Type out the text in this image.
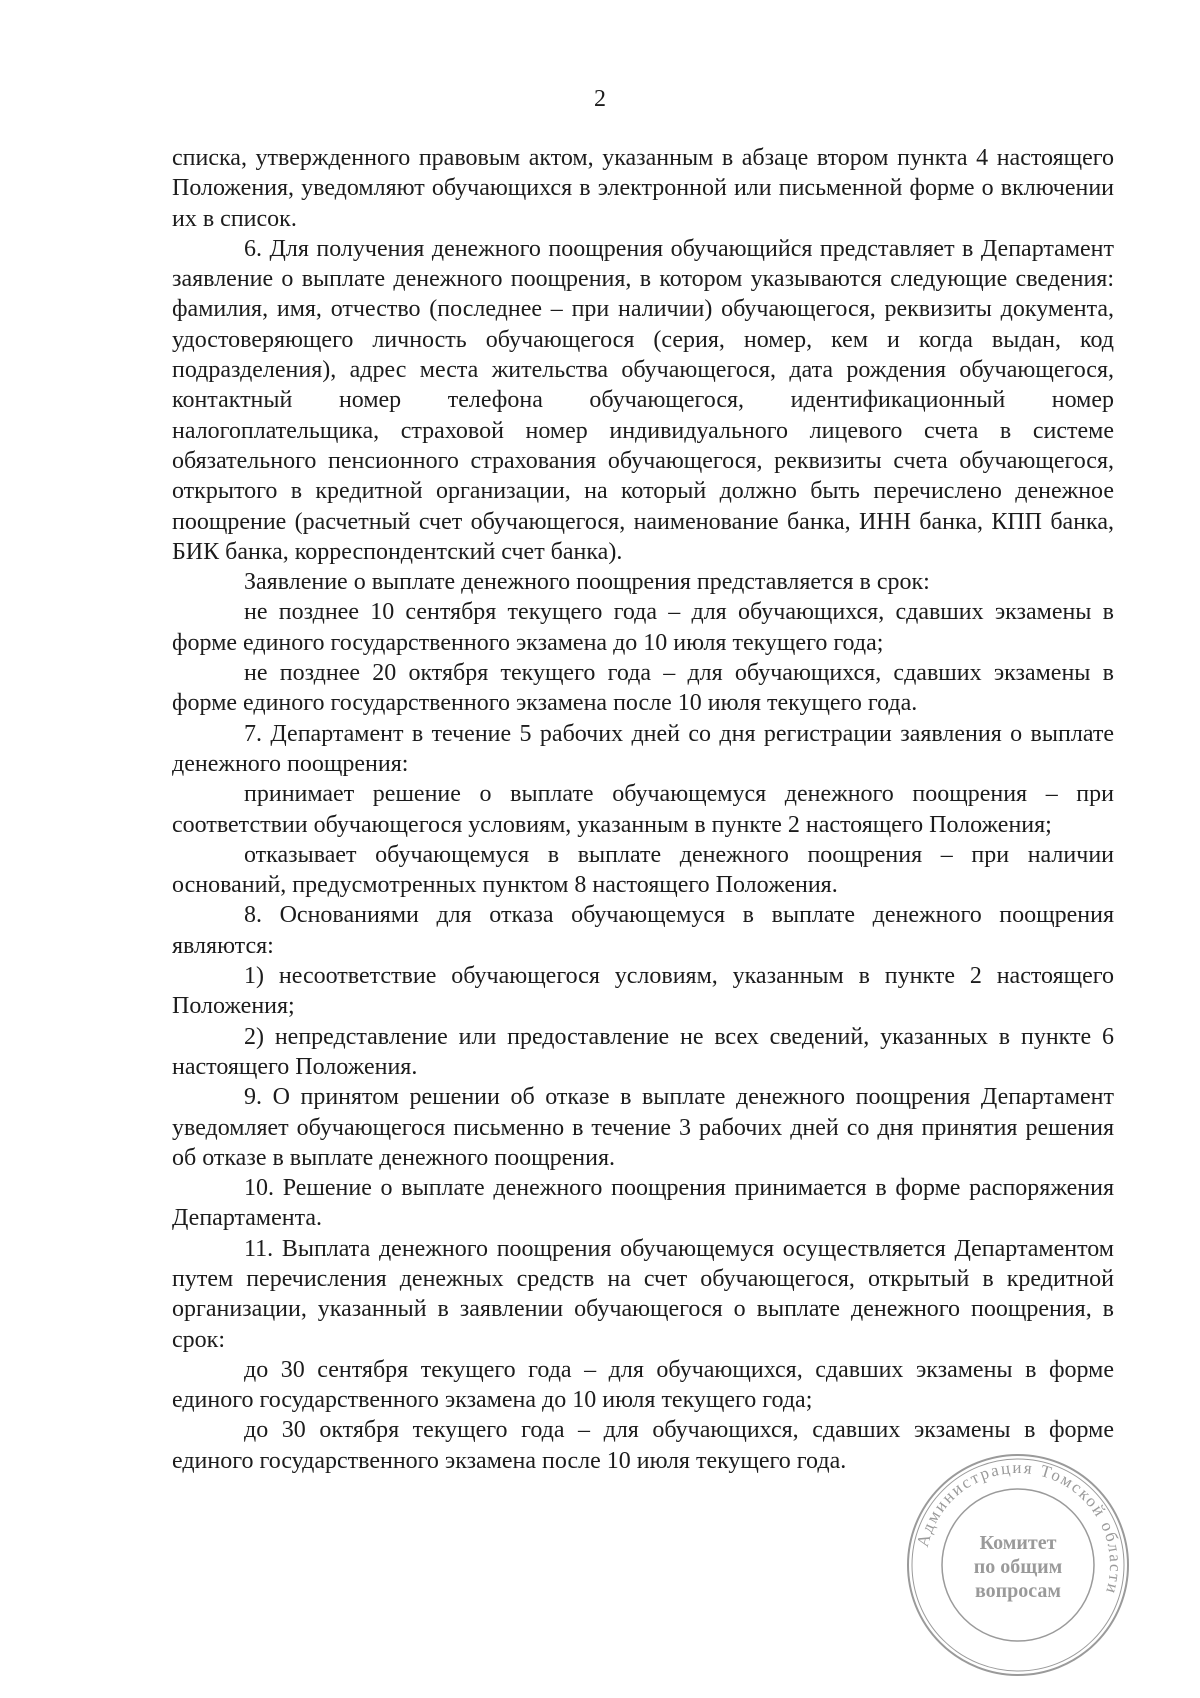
2

списка, утвержденного правовым актом, указанным в абзаце втором пункта 4 настоящего Положения, уведомляют обучающихся в электронной или письменной форме о включении их в список.

6. Для получения денежного поощрения обучающийся представляет в Департамент заявление о выплате денежного поощрения, в котором указываются следующие сведения: фамилия, имя, отчество (последнее – при наличии) обучающегося, реквизиты документа, удостоверяющего личность обучающегося (серия, номер, кем и когда выдан, код подразделения), адрес места жительства обучающегося, дата рождения обучающегося, контактный номер телефона обучающегося, идентификационный номер налогоплательщика, страховой номер индивидуального лицевого счета в системе обязательного пенсионного страхования обучающегося, реквизиты счета обучающегося, открытого в кредитной организации, на который должно быть перечислено денежное поощрение (расчетный счет обучающегося, наименование банка, ИНН банка, КПП банка, БИК банка, корреспондентский счет банка).

Заявление о выплате денежного поощрения представляется в срок:

не позднее 10 сентября текущего года – для обучающихся, сдавших экзамены в форме единого государственного экзамена до 10 июля текущего года;

не позднее 20 октября текущего года – для обучающихся, сдавших экзамены в форме единого государственного экзамена после 10 июля текущего года.

7. Департамент в течение 5 рабочих дней со дня регистрации заявления о выплате денежного поощрения:

принимает решение о выплате обучающемуся денежного поощрения – при соответствии обучающегося условиям, указанным в пункте 2 настоящего Положения;

отказывает обучающемуся в выплате денежного поощрения – при наличии оснований, предусмотренных пунктом 8 настоящего Положения.

8. Основаниями для отказа обучающемуся в выплате денежного поощрения являются:

1) несоответствие обучающегося условиям, указанным в пункте 2 настоящего Положения;

2) непредставление или предоставление не всех сведений, указанных в пункте 6 настоящего Положения.

9. О принятом решении об отказе в выплате денежного поощрения Департамент уведомляет обучающегося письменно в течение 3 рабочих дней со дня принятия решения об отказе в выплате денежного поощрения.

10. Решение о выплате денежного поощрения принимается в форме распоряжения Департамента.

11. Выплата денежного поощрения обучающемуся осуществляется Департаментом путем перечисления денежных средств на счет обучающегося, открытый в кредитной организации, указанный в заявлении обучающегося о выплате денежного поощрения, в срок:

до 30 сентября текущего года – для обучающихся, сдавших экзамены в форме единого государственного экзамена до 10 июля текущего года;

до 30 октября текущего года – для обучающихся, сдавших экзамены в форме единого государственного экзамена после 10 июля текущего года.

Администрация Томской области
Комитет
по общим
вопросам
